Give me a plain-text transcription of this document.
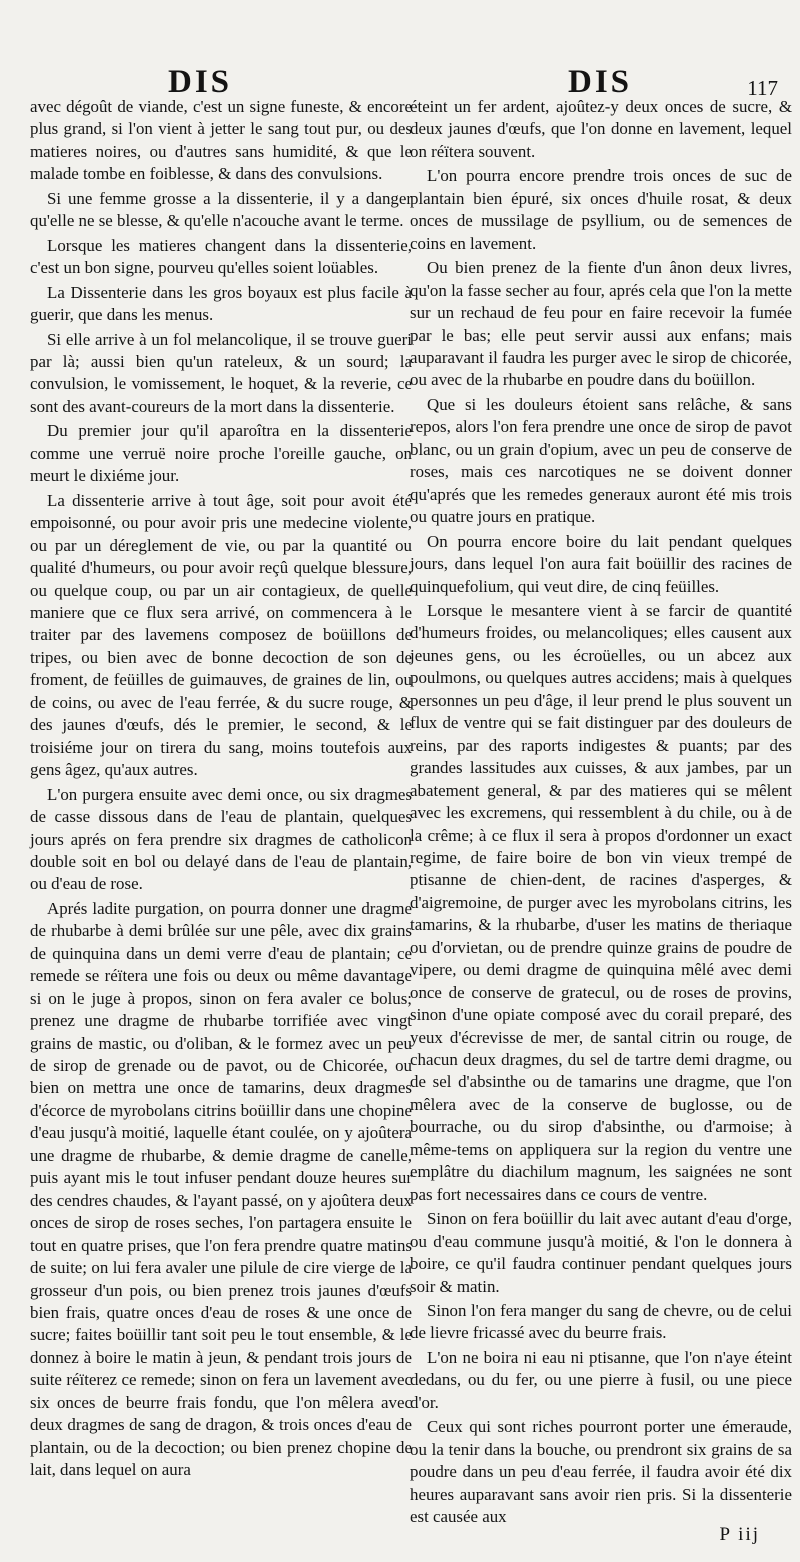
DIS	DIS	117

avec dégoût de viande, c'est un signe funeste, & encore plus grand, si l'on vient à jetter le sang tout pur, ou des matieres noires, ou d'autres sans humidité, & que le malade tombe en foiblesse, & dans des convulsions.

Si une femme grosse a la dissenterie, il y a danger qu'elle ne se blesse, & qu'elle n'acouche avant le terme.

Lorsque les matieres changent dans la dissenterie, c'est un bon signe, pourveu qu'elles soient loüables.

La Dissenterie dans les gros boyaux est plus facile à guerir, que dans les menus.

Si elle arrive à un fol melancolique, il se trouve gueri par là; aussi bien qu'un rateleux, & un sourd; la convulsion, le vomissement, le hoquet, & la reverie, ce sont des avant-coureurs de la mort dans la dissenterie.

Du premier jour qu'il aparoîtra en la dissenterie comme une verruë noire proche l'oreille gauche, on meurt le dixiéme jour.

La dissenterie arrive à tout âge, soit pour avoit été empoisonné, ou pour avoir pris une medecine violente, ou par un déreglement de vie, ou par la quantité ou qualité d'humeurs, ou pour avoir reçû quelque blessure, ou quelque coup, ou par un air contagieux, de quelle maniere que ce flux sera arrivé, on commencera à le traiter par des lavemens composez de boüillons de tripes, ou bien avec de bonne decoction de son de froment, de feüilles de guimauves, de graines de lin, ou de coins, ou avec de l'eau ferrée, & du sucre rouge, & des jaunes d'œufs, dés le premier, le second, & le troisiéme jour on tirera du sang, moins toutefois aux gens âgez, qu'aux autres.

L'on purgera ensuite avec demi once, ou six dragmes de casse dissous dans de l'eau de plantain, quelques jours aprés on fera prendre six dragmes de catholicon double soit en bol ou delayé dans de l'eau de plantain, ou d'eau de rose.

Aprés ladite purgation, on pourra donner une dragme de rhubarbe à demi brûlée sur une pêle, avec dix grains de quinquina dans un demi verre d'eau de plantain; ce remede se réïtera une fois ou deux ou même davantage si on le juge à propos, sinon on fera avaler ce bolus; prenez une dragme de rhubarbe torrifiée avec vingt grains de mastic, ou d'oliban, & le formez avec un peu de sirop de grenade ou de pavot, ou de Chicorée, ou bien on mettra une once de tamarins, deux dragmes d'écorce de myrobolans citrins boüillir dans une chopine d'eau jusqu'à moitié, laquelle étant coulée, on y ajoûtera une dragme de rhubarbe, & demie dragme de canelle, puis ayant mis le tout infuser pendant douze heures sur des cendres chaudes, & l'ayant passé, on y ajoûtera deux onces de sirop de roses seches, l'on partagera ensuite le tout en quatre prises, que l'on fera prendre quatre matins de suite; on lui fera avaler une pilule de cire vierge de la grosseur d'un pois, ou bien prenez trois jaunes d'œufs bien frais, quatre onces d'eau de roses & une once de sucre; faites boüillir tant soit peu le tout ensemble, & le donnez à boire le matin à jeun, & pendant trois jours de suite réïterez ce remede; sinon on fera un lavement avec six onces de beurre frais fondu, que l'on mêlera avec deux dragmes de sang de dragon, & trois onces d'eau de plantain, ou de la decoction; ou bien prenez chopine de lait, dans lequel on aura

éteint un fer ardent, ajoûtez-y deux onces de sucre, & deux jaunes d'œufs, que l'on donne en lavement, lequel on réïtera souvent.

L'on pourra encore prendre trois onces de suc de plantain bien épuré, six onces d'huile rosat, & deux onces de mussilage de psyllium, ou de semences de coins en lavement.

Ou bien prenez de la fiente d'un ânon deux livres, qu'on la fasse secher au four, aprés cela que l'on la mette sur un rechaud de feu pour en faire recevoir la fumée par le bas; elle peut servir aussi aux enfans; mais auparavant il faudra les purger avec le sirop de chicorée, ou avec de la rhubarbe en poudre dans du boüillon.

Que si les douleurs étoient sans relâche, & sans repos, alors l'on fera prendre une once de sirop de pavot blanc, ou un grain d'opium, avec un peu de conserve de roses, mais ces narcotiques ne se doivent donner qu'aprés que les remedes generaux auront été mis trois ou quatre jours en pratique.

On pourra encore boire du lait pendant quelques jours, dans lequel l'on aura fait boüillir des racines de quinquefolium, qui veut dire, de cinq feüilles.

Lorsque le mesantere vient à se farcir de quantité d'humeurs froides, ou melancoliques; elles causent aux jeunes gens, ou les écroüelles, ou un abcez aux poulmons, ou quelques autres accidens; mais à quelques personnes un peu d'âge, il leur prend le plus souvent un flux de ventre qui se fait distinguer par des douleurs de reins, par des raports indigestes & puants; par des grandes lassitudes aux cuisses, & aux jambes, par un abatement general, & par des matieres qui se mêlent avec les excremens, qui ressemblent à du chile, ou à de la crême; à ce flux il sera à propos d'ordonner un exact regime, de faire boire de bon vin vieux trempé de ptisanne de chien-dent, de racines d'asperges, & d'aigremoine, de purger avec les myrobolans citrins, les tamarins, & la rhubarbe, d'user les matins de theriaque ou d'orvietan, ou de prendre quinze grains de poudre de vipere, ou demi dragme de quinquina mêlé avec demi once de conserve de gratecul, ou de roses de provins, sinon d'une opiate composé avec du corail preparé, des yeux d'écrevisse de mer, de santal citrin ou rouge, de chacun deux dragmes, du sel de tartre demi dragme, ou de sel d'absinthe ou de tamarins une dragme, que l'on mêlera avec de la conserve de buglosse, ou de bourrache, ou du sirop d'absinthe, ou d'armoise; à même-tems on appliquera sur la region du ventre une emplâtre du diachilum magnum, les saignées ne sont pas fort necessaires dans ce cours de ventre.

Sinon on fera boüillir du lait avec autant d'eau d'orge, ou d'eau commune jusqu'à moitié, & l'on le donnera à boire, ce qu'il faudra continuer pendant quelques jours soir & matin.

Sinon l'on fera manger du sang de chevre, ou de celui de lievre fricassé avec du beurre frais.

L'on ne boira ni eau ni ptisanne, que l'on n'aye éteint dedans, ou du fer, ou une pierre à fusil, ou une piece d'or.

Ceux qui sont riches pourront porter une émeraude, ou la tenir dans la bouche, ou prendront six grains de sa poudre dans un peu d'eau ferrée, il faudra avoir été dix heures auparavant sans avoir rien pris. Si la dissenterie est causée aux

P iij
